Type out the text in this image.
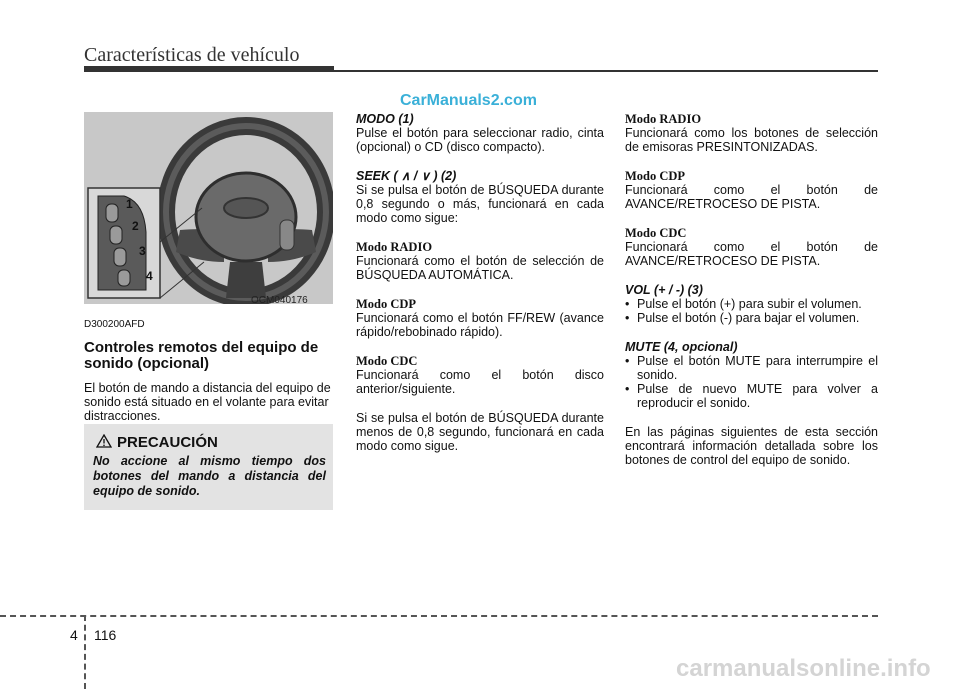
Características de vehículo
CarManuals2.com
1
2
3
4
OCM040176

D300200AFD

Controles remotos del equipo de sonido (opcional)

El botón de mando a distancia del equipo de sonido está situado en el volante para evitar distracciones.

PRECAUCIÓN
No accione al mismo tiempo dos botones del mando a distancia del equipo de sonido.

MODO (1)

Pulse el botón para seleccionar radio, cinta (opcional) o CD (disco compacto).

SEEK ( ∧ / ∨ ) (2)

Si se pulsa el botón de BÚSQUEDA durante 0,8 segundo o más, funcionará en cada modo como sigue:

Modo RADIO

Funcionará como el botón de selección de BÚSQUEDA AUTOMÁTICA.

Modo CDP

Funcionará como el botón FF/REW (avance rápido/rebobinado rápido).

Modo CDC

Funcionará como el botón disco anterior/siguiente.

Si se pulsa el botón de BÚSQUEDA durante menos de 0,8 segundo, funcionará en cada modo como sigue.

Modo RADIO

Funcionará como los botones de selección de emisoras PRESINTONIZADAS.

Modo CDP

Funcionará como el botón de AVANCE/RETROCESO DE PISTA.

Modo CDC

Funcionará como el botón de AVANCE/RETROCESO DE PISTA.

VOL (+ / -) (3)

• Pulse el botón (+) para subir el volumen.
• Pulse el botón (-) para bajar el volumen.

MUTE (4, opcional)

• Pulse el botón MUTE para interrumpire el sonido.
• Pulse de nuevo MUTE para volver a reproducir el sonido.

En las páginas siguientes de esta sección encontrará información detallada sobre los botones de control del equipo de sonido.

4 116
carmanualsonline.info
